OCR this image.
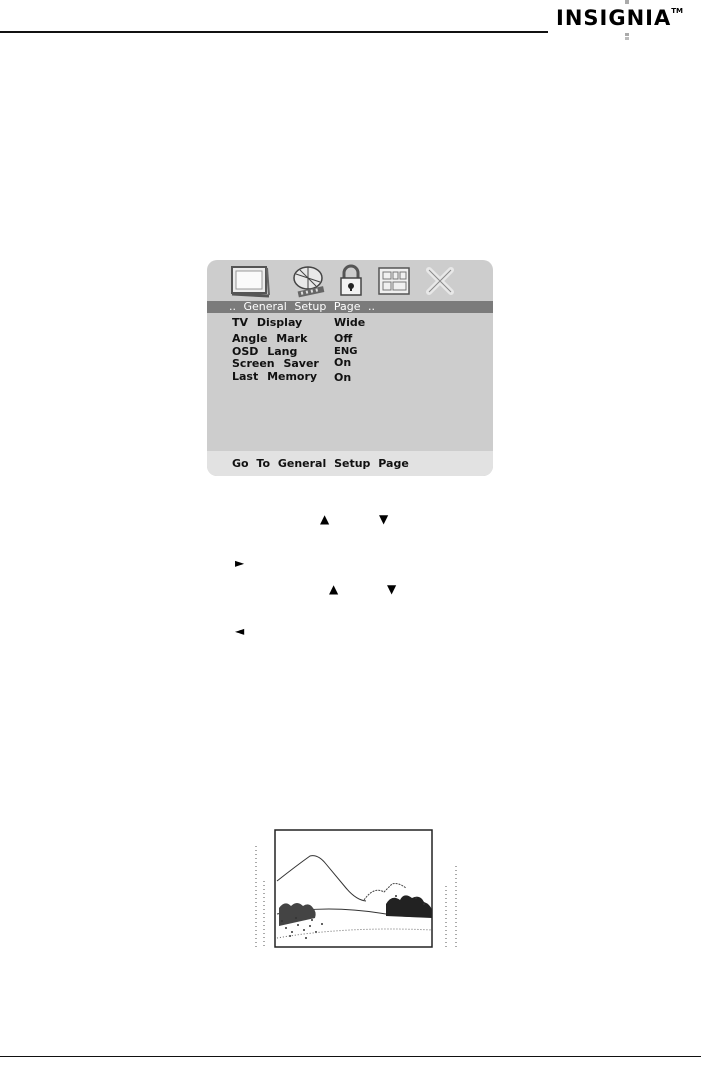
INSIGNIA™
.. General Setup Page ..
TV Display	Wide
Angle Mark Off
OSD Lang	ENG
Screen Saver On
Last Memory On
Go To General Setup Page
▲	▼
►
▲	▼
◄
